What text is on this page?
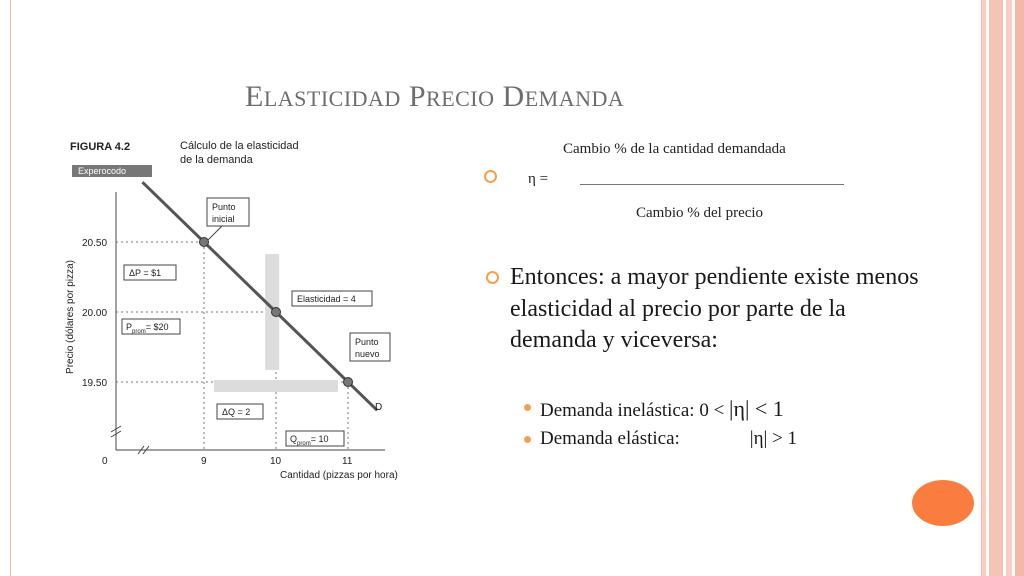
ELASTICIDAD PRECIO DEMANDA
FIGURA 4.2	Cálculo de la elasticidad
de la demanda
Experocodo
20.50
20.00
19.50
0	9	10	11
Precio (dólares por pizza)
Cantidad (pizzas por hora)
Punto
inicial
Elasticidad = 4
Punto
nuevo
ΔP = $1
$P_{prom}=$ $20
ΔQ = 2
$Q_{prom}= 10$
D
Cambio % de la cantidad demandada
η =
Cambio % del precio
Entonces: a mayor pendiente existe menos elasticidad al precio por parte de la demanda y viceversa:
Demanda inelástica: 0 < |η| < 1
Demanda elástica:	|η| > 1
